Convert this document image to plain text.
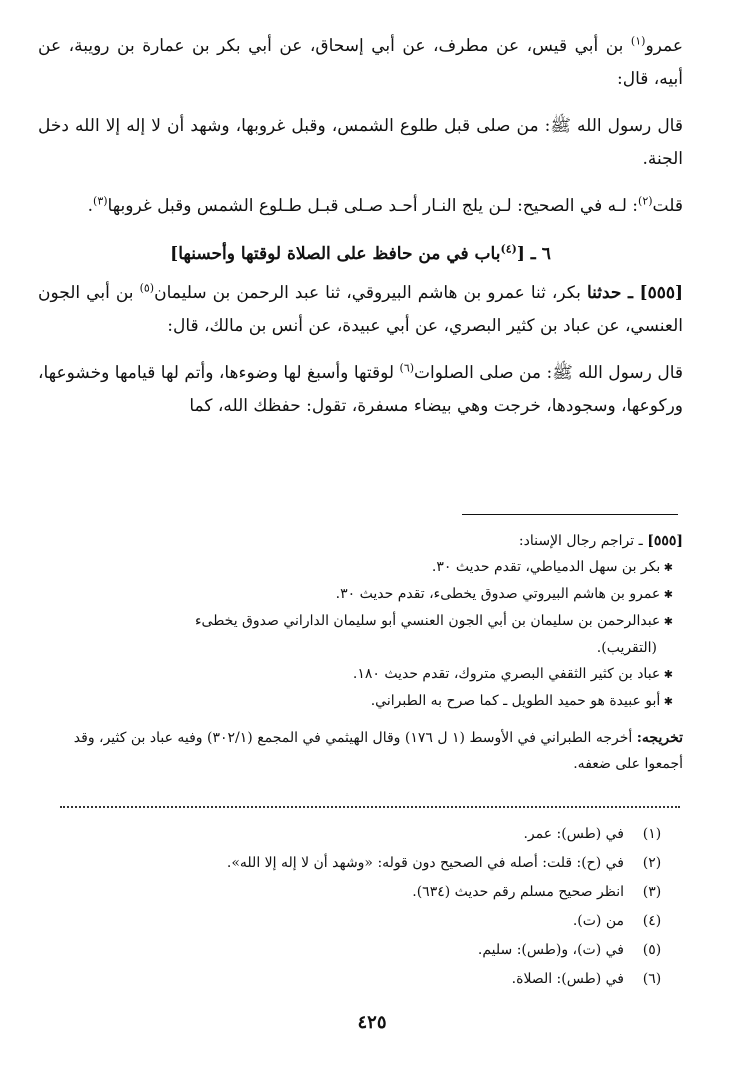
عمرو$^{(١)}$ بن أبي قيس، عن مطرف، عن أبي إسحاق، عن أبي بكر بن عمارة بن رويبة، عن أبيه، قال:

قال رسول الله ﷺ: من صلى قبل طلوع الشمس، وقبل غروبها، وشهد أن لا إله إلا الله دخل الجنة.

قلت$^{(٢)}$: لـه في الصحيح: لـن يلج النـار أحـد صـلى قبـل طـلوع الشمس وقبل غروبها$^{(٣)}$.

٦ ـ [$^{(٤)}$باب في من حافظ على الصلاة لوقتها وأحسنها]

[٥٥٥] ـ حدثنا بكر، ثنا عمرو بن هاشم البيروقي، ثنا عبد الرحمن بن سليمان$^{(٥)}$ بن أبي الجون العنسي، عن عباد بن كثير البصري، عن أبي عبيدة، عن أنس بن مالك، قال:

قال رسول الله ﷺ: من صلى الصلوات$^{(٦)}$ لوقتها وأسبغ لها وضوءها، وأتم لها قيامها وخشوعها، وركوعها، وسجودها، خرجت وهي بيضاء مسفرة، تقول: حفظك الله، كما

[٥٥٥] ـ تراجم رجال الإسناد:

✱ بكر بن سهل الدمياطي، تقدم حديث ٣٠.

✱ عمرو بن هاشم البيروتي صدوق يخطىء، تقدم حديث ٣٠.

✱ عبدالرحمن بن سليمان بن أبي الجون العنسي أبو سليمان الداراني صدوق يخطىء

(التقريب).

✱ عباد بن كثير الثقفي البصري متروك، تقدم حديث ١٨٠.

✱ أبو عبيدة هو حميد الطويل ـ كما صرح به الطبراني.

تخريجه: أخرجه الطبراني في الأوسط (١ ل ١٧٦) وقال الهيثمي في المجمع (٣٠٢/١) وفيه عباد بن كثير، وقد أجمعوا على ضعفه.

(١)
في (طس): عمر.
(٢)
في (ح): قلت: أصله في الصحيح دون قوله: «وشهد أن لا إله إلا الله».
(٣)
انظر صحيح مسلم رقم حديث (٦٣٤).
(٤)
من (ت).
(٥)
في (ت)، و(طس): سليم.
(٦)
في (طس): الصلاة.
٤٢٥
